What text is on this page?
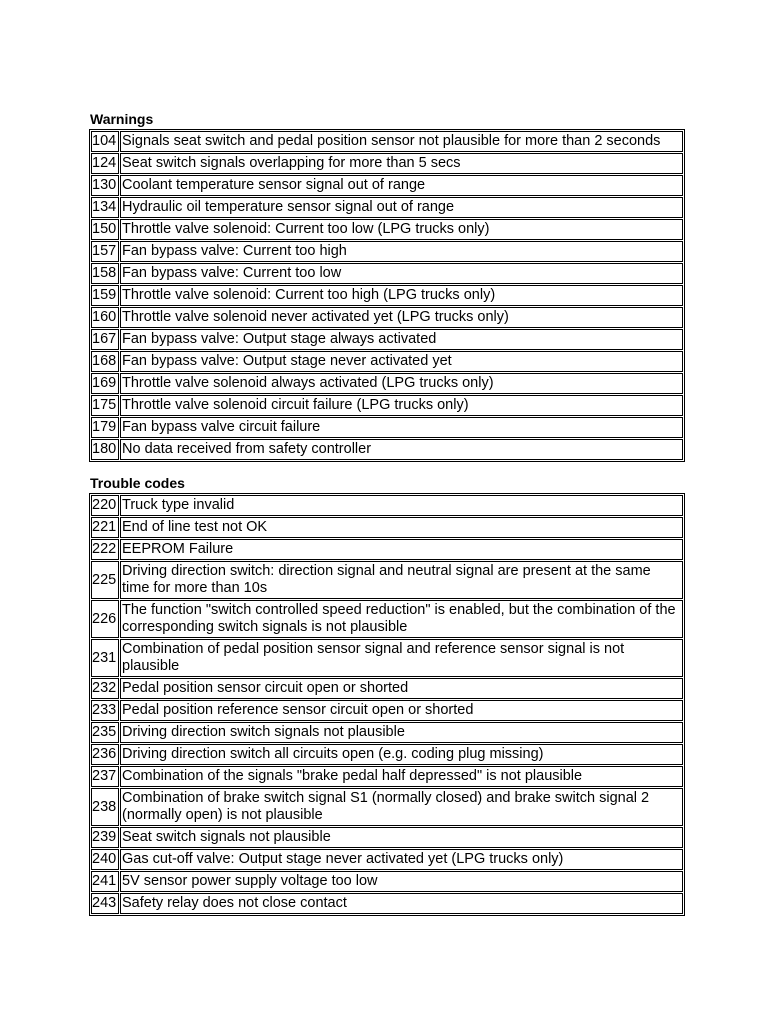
Warnings
104	Signals seat switch and pedal position sensor not plausible for more than 2 seconds
124	Seat switch signals overlapping for more than 5 secs
130	Coolant temperature sensor signal out of range
134	Hydraulic oil temperature sensor signal out of range
150	Throttle valve solenoid: Current too low (LPG trucks only)
157	Fan bypass valve: Current too high
158	Fan bypass valve: Current too low
159	Throttle valve solenoid: Current too high (LPG trucks only)
160	Throttle valve solenoid never activated yet (LPG trucks only)
167	Fan bypass valve: Output stage always activated
168	Fan bypass valve: Output stage never activated yet
169	Throttle valve solenoid always activated (LPG trucks only)
175	Throttle valve solenoid circuit failure (LPG trucks only)
179	Fan bypass valve circuit failure
180	No data received from safety controller
Trouble codes
220	Truck type invalid
221	End of line test not OK
222	EEPROM Failure
225	Driving direction switch: direction signal and neutral signal are present at the same time for more than 10s
226	The function "switch controlled speed reduction" is enabled, but the combination of the corresponding switch signals is not plausible
231	Combination of pedal position sensor signal and reference sensor signal is not plausible
232	Pedal position sensor circuit open or shorted
233	Pedal position reference sensor circuit open or shorted
235	Driving direction switch signals not plausible
236	Driving direction switch all circuits open (e.g. coding plug missing)
237	Combination of the signals "brake pedal half depressed" is not plausible
238	Combination of brake switch signal S1 (normally closed) and brake switch signal 2 (normally open) is not plausible
239	Seat switch signals not plausible
240	Gas cut-off valve: Output stage never activated yet (LPG trucks only)
241	5V sensor power supply voltage too low
243	Safety relay does not close contact
